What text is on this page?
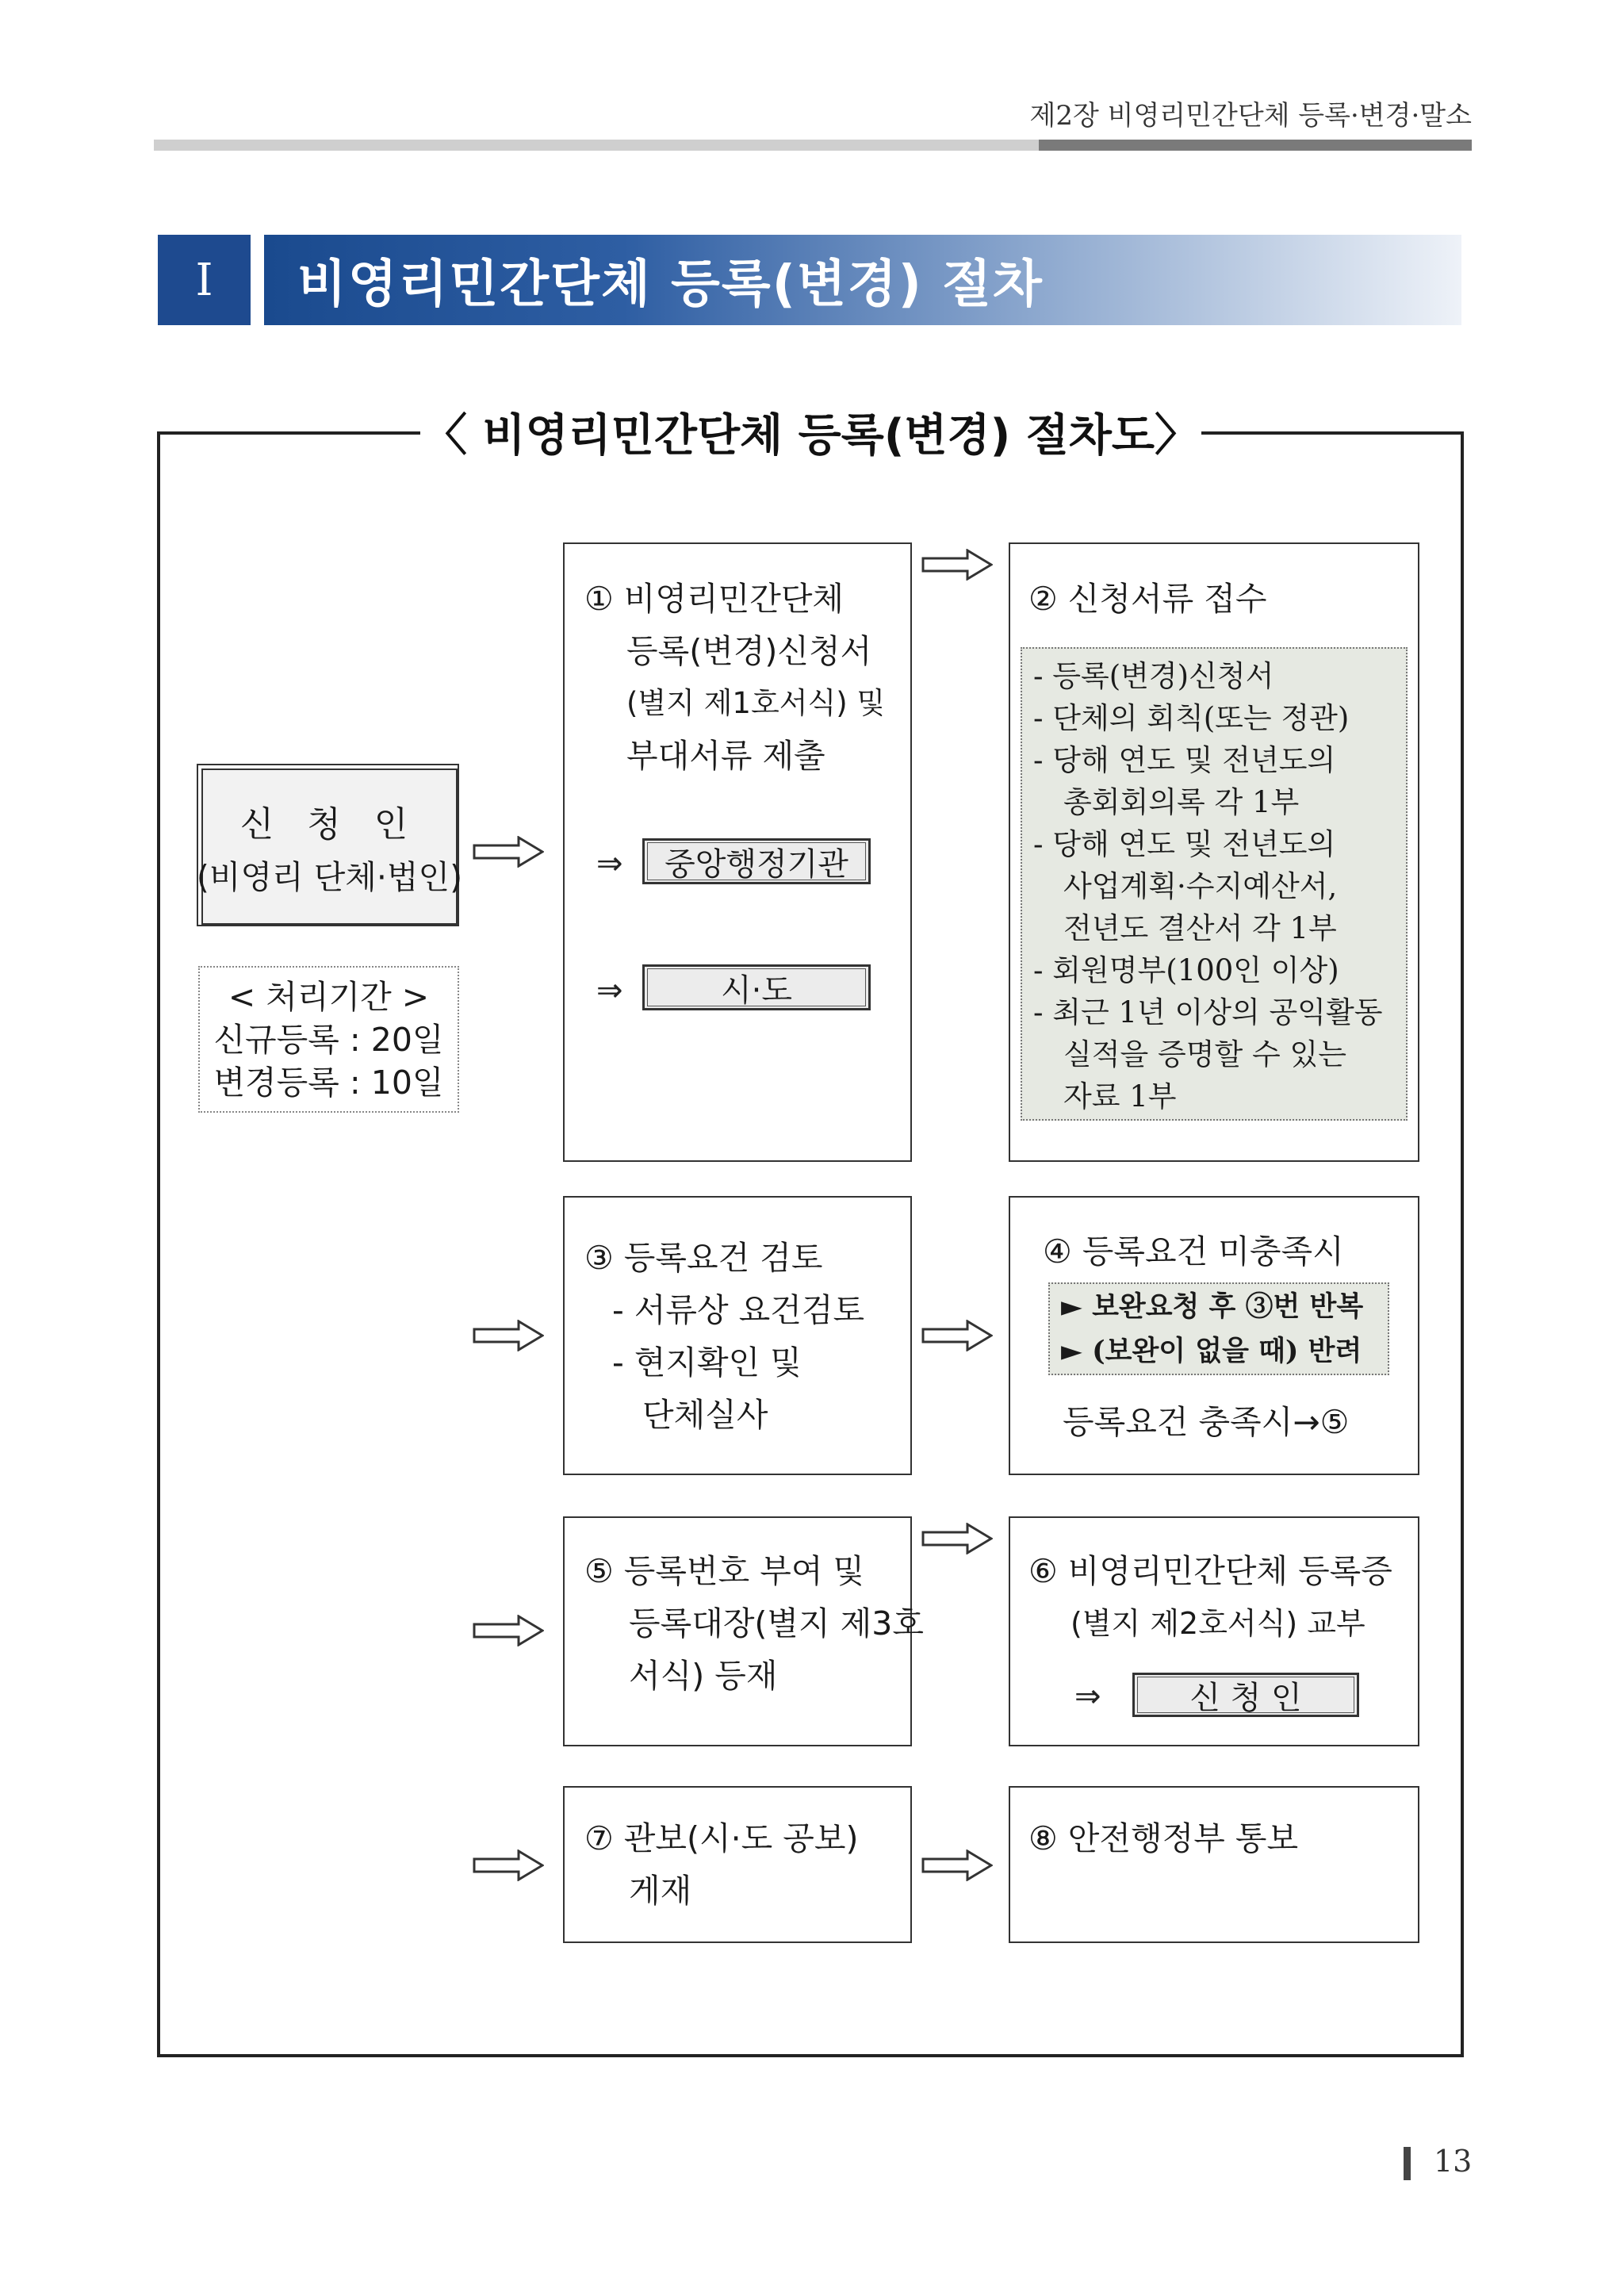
제2장 비영리민간단체 등록·변경·말소
Ⅰ	비영리민간단체 등록(변경) 절차
〈 비영리민간단체 등록(변경) 절차도〉
신 청 인
(비영리 단체·법인)
< 처리기간 >
신규등록 : 20일
변경등록 : 10일
① 비영리민간단체
등록(변경)신청서
(별지 제1호서식) 및
부대서류 제출
⇒	중앙행정기관
⇒	시·도
② 신청서류 접수
- 등록(변경)신청서
- 단체의 회칙(또는 정관)
- 당해 연도 및 전년도의
총회회의록 각 1부
- 당해 연도 및 전년도의
사업계획·수지예산서,
전년도 결산서 각 1부
- 회원명부(100인 이상)
- 최근 1년 이상의 공익활동
실적을 증명할 수 있는
자료 1부
③ 등록요건 검토
- 서류상 요건검토
- 현지확인 및
단체실사
④ 등록요건 미충족시
► 보완요청 후 ③번 반복
► (보완이 없을 때) 반려
등록요건 충족시→⑤
⑤ 등록번호 부여 및
등록대장(별지 제3호
서식) 등재
⑥ 비영리민간단체 등록증
(별지 제2호서식) 교부
⇒	신 청 인
⑦ 관보(시·도 공보)
게재
⑧ 안전행정부 통보
13
